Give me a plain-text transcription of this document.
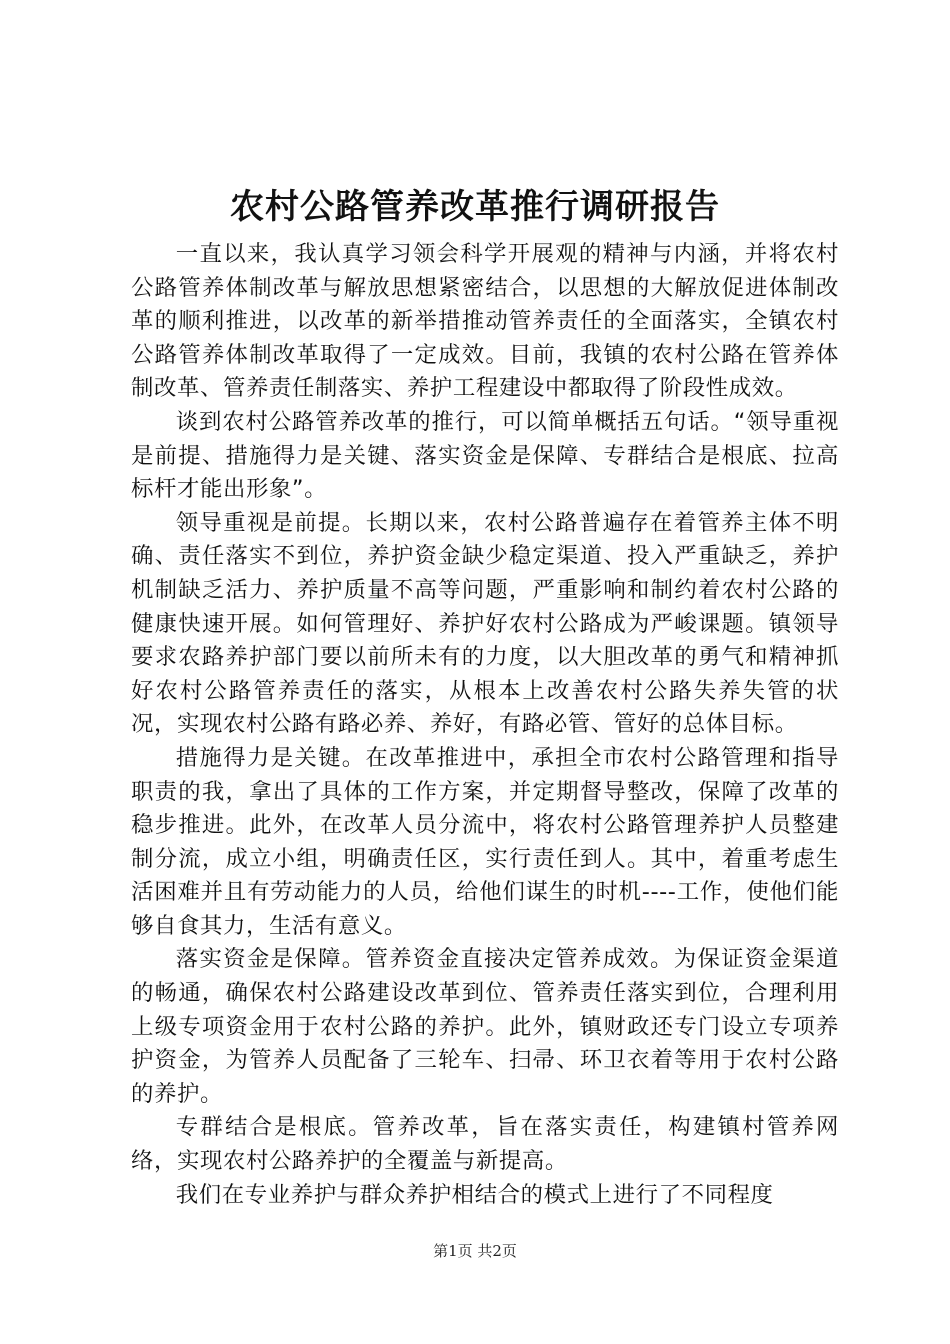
农村公路管养改革推行调研报告

一直以来，我认真学习领会科学开展观的精神与内涵，并将农村公路管养体制改革与解放思想紧密结合，以思想的大解放促进体制改革的顺利推进，以改革的新举措推动管养责任的全面落实，全镇农村公路管养体制改革取得了一定成效。目前，我镇的农村公路在管养体制改革、管养责任制落实、养护工程建设中都取得了阶段性成效。

谈到农村公路管养改革的推行，可以简单概括五句话。“领导重视是前提、措施得力是关键、落实资金是保障、专群结合是根底、拉高标杆才能出形象”。

领导重视是前提。长期以来，农村公路普遍存在着管养主体不明确、责任落实不到位，养护资金缺少稳定渠道、投入严重缺乏，养护机制缺乏活力、养护质量不高等问题，严重影响和制约着农村公路的健康快速开展。如何管理好、养护好农村公路成为严峻课题。镇领导要求农路养护部门要以前所未有的力度，以大胆改革的勇气和精神抓好农村公路管养责任的落实，从根本上改善农村公路失养失管的状况，实现农村公路有路必养、养好，有路必管、管好的总体目标。

措施得力是关键。在改革推进中，承担全市农村公路管理和指导职责的我，拿出了具体的工作方案，并定期督导整改，保障了改革的稳步推进。此外，在改革人员分流中，将农村公路管理养护人员整建制分流，成立小组，明确责任区，实行责任到人。其中，着重考虑生活困难并且有劳动能力的人员，给他们谋生的时机----工作，使他们能够自食其力，生活有意义。

落实资金是保障。管养资金直接决定管养成效。为保证资金渠道的畅通，确保农村公路建设改革到位、管养责任落实到位，合理利用上级专项资金用于农村公路的养护。此外，镇财政还专门设立专项养护资金，为管养人员配备了三轮车、扫帚、环卫衣着等用于农村公路的养护。

专群结合是根底。管养改革，旨在落实责任，构建镇村管养网络，实现农村公路养护的全覆盖与新提高。

我们在专业养护与群众养护相结合的模式上进行了不同程度

第1页 共2页
